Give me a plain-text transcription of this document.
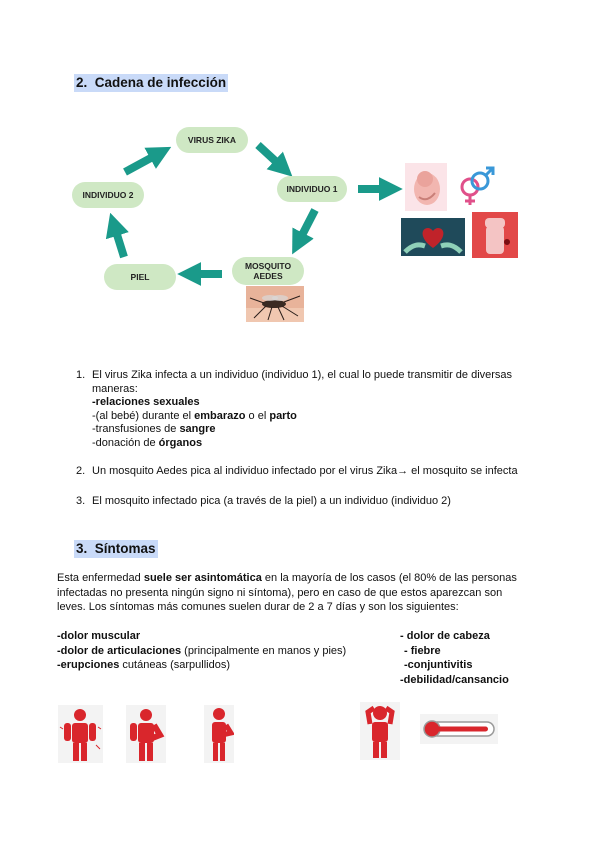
2. Cadena de infección
VIRUS ZIKA
INDIVIDUO 1
INDIVIDUO 2
PIEL
MOSQUITO
AEDES
1. El virus Zika infecta a un individuo (individuo 1), el cual lo puede transmitir de diversas
maneras:
-relaciones sexuales
-(al bebé) durante el embarazo o el parto
-transfusiones de sangre
-donación de órganos
2. Un mosquito Aedes pica al individuo infectado por el virus Zika→ el mosquito se infecta
3. El mosquito infectado pica (a través de la piel) a un individuo (individuo 2)
3. Síntomas
Esta enfermedad suele ser asintomática en la mayoría de los casos (el 80% de las personas
infectadas no presenta ningún signo ni síntoma), pero en caso de que estos aparezcan son
leves. Los síntomas más comunes suelen durar de 2 a 7 días y son los siguientes:
-dolor muscular
-dolor de articulaciones (principalmente en manos y pies)
-erupciones cutáneas (sarpullidos)
- dolor de cabeza
- fiebre
-conjuntivitis
-debilidad/cansancio
